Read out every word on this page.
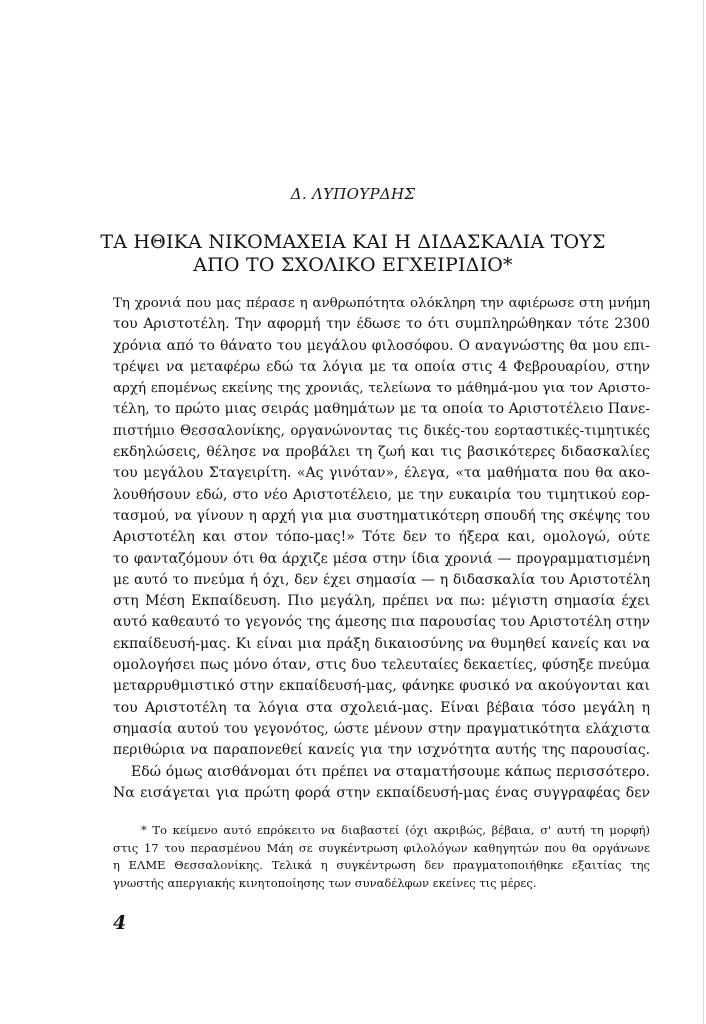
Δ. ΛΥΠΟΥΡΔΗΣ
ΤΑ ΗΘΙΚΑ ΝΙΚΟΜΑΧΕΙΑ ΚΑΙ Η ΔΙΔΑΣΚΑΛΙΑ ΤΟΥΣ
ΑΠΟ ΤΟ ΣΧΟΛΙΚΟ ΕΓΧΕΙΡΙΔΙΟ*
Τη χρονιά που μας πέρασε η ανθρωπότητα ολόκληρη την αφιέρωσε στη μνήμη
του Αριστοτέλη. Την αφορμή την έδωσε το ότι συμπληρώθηκαν τότε 2300
χρόνια από το θάνατο του μεγάλου φιλοσόφου. Ο αναγνώστης θα μου επι-
τρέψει να μεταφέρω εδώ τα λόγια με τα οποία στις 4 Φεβρουαρίου, στην
αρχή επομένως εκείνης της χρονιάς, τελείωνα το μάθημά-μου για τον Αριστο-
τέλη, το πρώτο μιας σειράς μαθημάτων με τα οποία το Αριστοτέλειο Πανε-
πιστήμιο Θεσσαλονίκης, οργανώνοντας τις δικές-του εορταστικές-τιμητικές
εκδηλώσεις, θέλησε να προβάλει τη ζωή και τις βασικότερες διδασκαλίες
του μεγάλου Σταγειρίτη. «Ας γινόταν», έλεγα, «τα μαθήματα που θα ακο-
λουθήσουν εδώ, στο νέο Αριστοτέλειο, με την ευκαιρία του τιμητικού εορ-
τασμού, να γίνουν η αρχή για μια συστηματικότερη σπουδή της σκέψης του
Αριστοτέλη και στον τόπο-μας!» Τότε δεν το ήξερα και, ομολογώ, ούτε
το φανταζόμουν ότι θα άρχιζε μέσα στην ίδια χρονιά — προγραμματισμένη
με αυτό το πνεύμα ή όχι, δεν έχει σημασία — η διδασκαλία του Αριστοτέλη
στη Μέση Εκπαίδευση. Πιο μεγάλη, πρέπει να πω: μέγιστη σημασία έχει
αυτό καθεαυτό το γεγονός της άμεσης πια παρουσίας του Αριστοτέλη στην
εκπαίδευσή-μας. Κι είναι μια πράξη δικαιοσύνης να θυμηθεί κανείς και να
ομολογήσει πως μόνο όταν, στις δυο τελευταίες δεκαετίες, φύσηξε πνεύμα
μεταρρυθμιστικό στην εκπαίδευσή-μας, φάνηκε φυσικό να ακούγονται και
του Αριστοτέλη τα λόγια στα σχολειά-μας. Είναι βέβαια τόσο μεγάλη η
σημασία αυτού του γεγονότος, ώστε μένουν στην πραγματικότητα ελάχιστα
περιθώρια να παραπονεθεί κανείς για την ισχνότητα αυτής της παρουσίας.
Εδώ όμως αισθάνομαι ότι πρέπει να σταματήσουμε κάπως περισσότερο.
Να εισάγεται για πρώτη φορά στην εκπαίδευσή-μας ένας συγγραφέας δεν
* Το κείμενο αυτό επρόκειτο να διαβαστεί (όχι ακριβώς, βέβαια, σ' αυτή τη μορφή)
στις 17 του περασμένου Μάη σε συγκέντρωση φιλολόγων καθηγητών που θα οργάνωνε
η ΕΛΜΕ Θεσσαλονίκης. Τελικά η συγκέντρωση δεν πραγματοποιήθηκε εξαιτίας της
γνωστής απεργιακής κινητοποίησης των συναδέλφων εκείνες τις μέρες.
4
